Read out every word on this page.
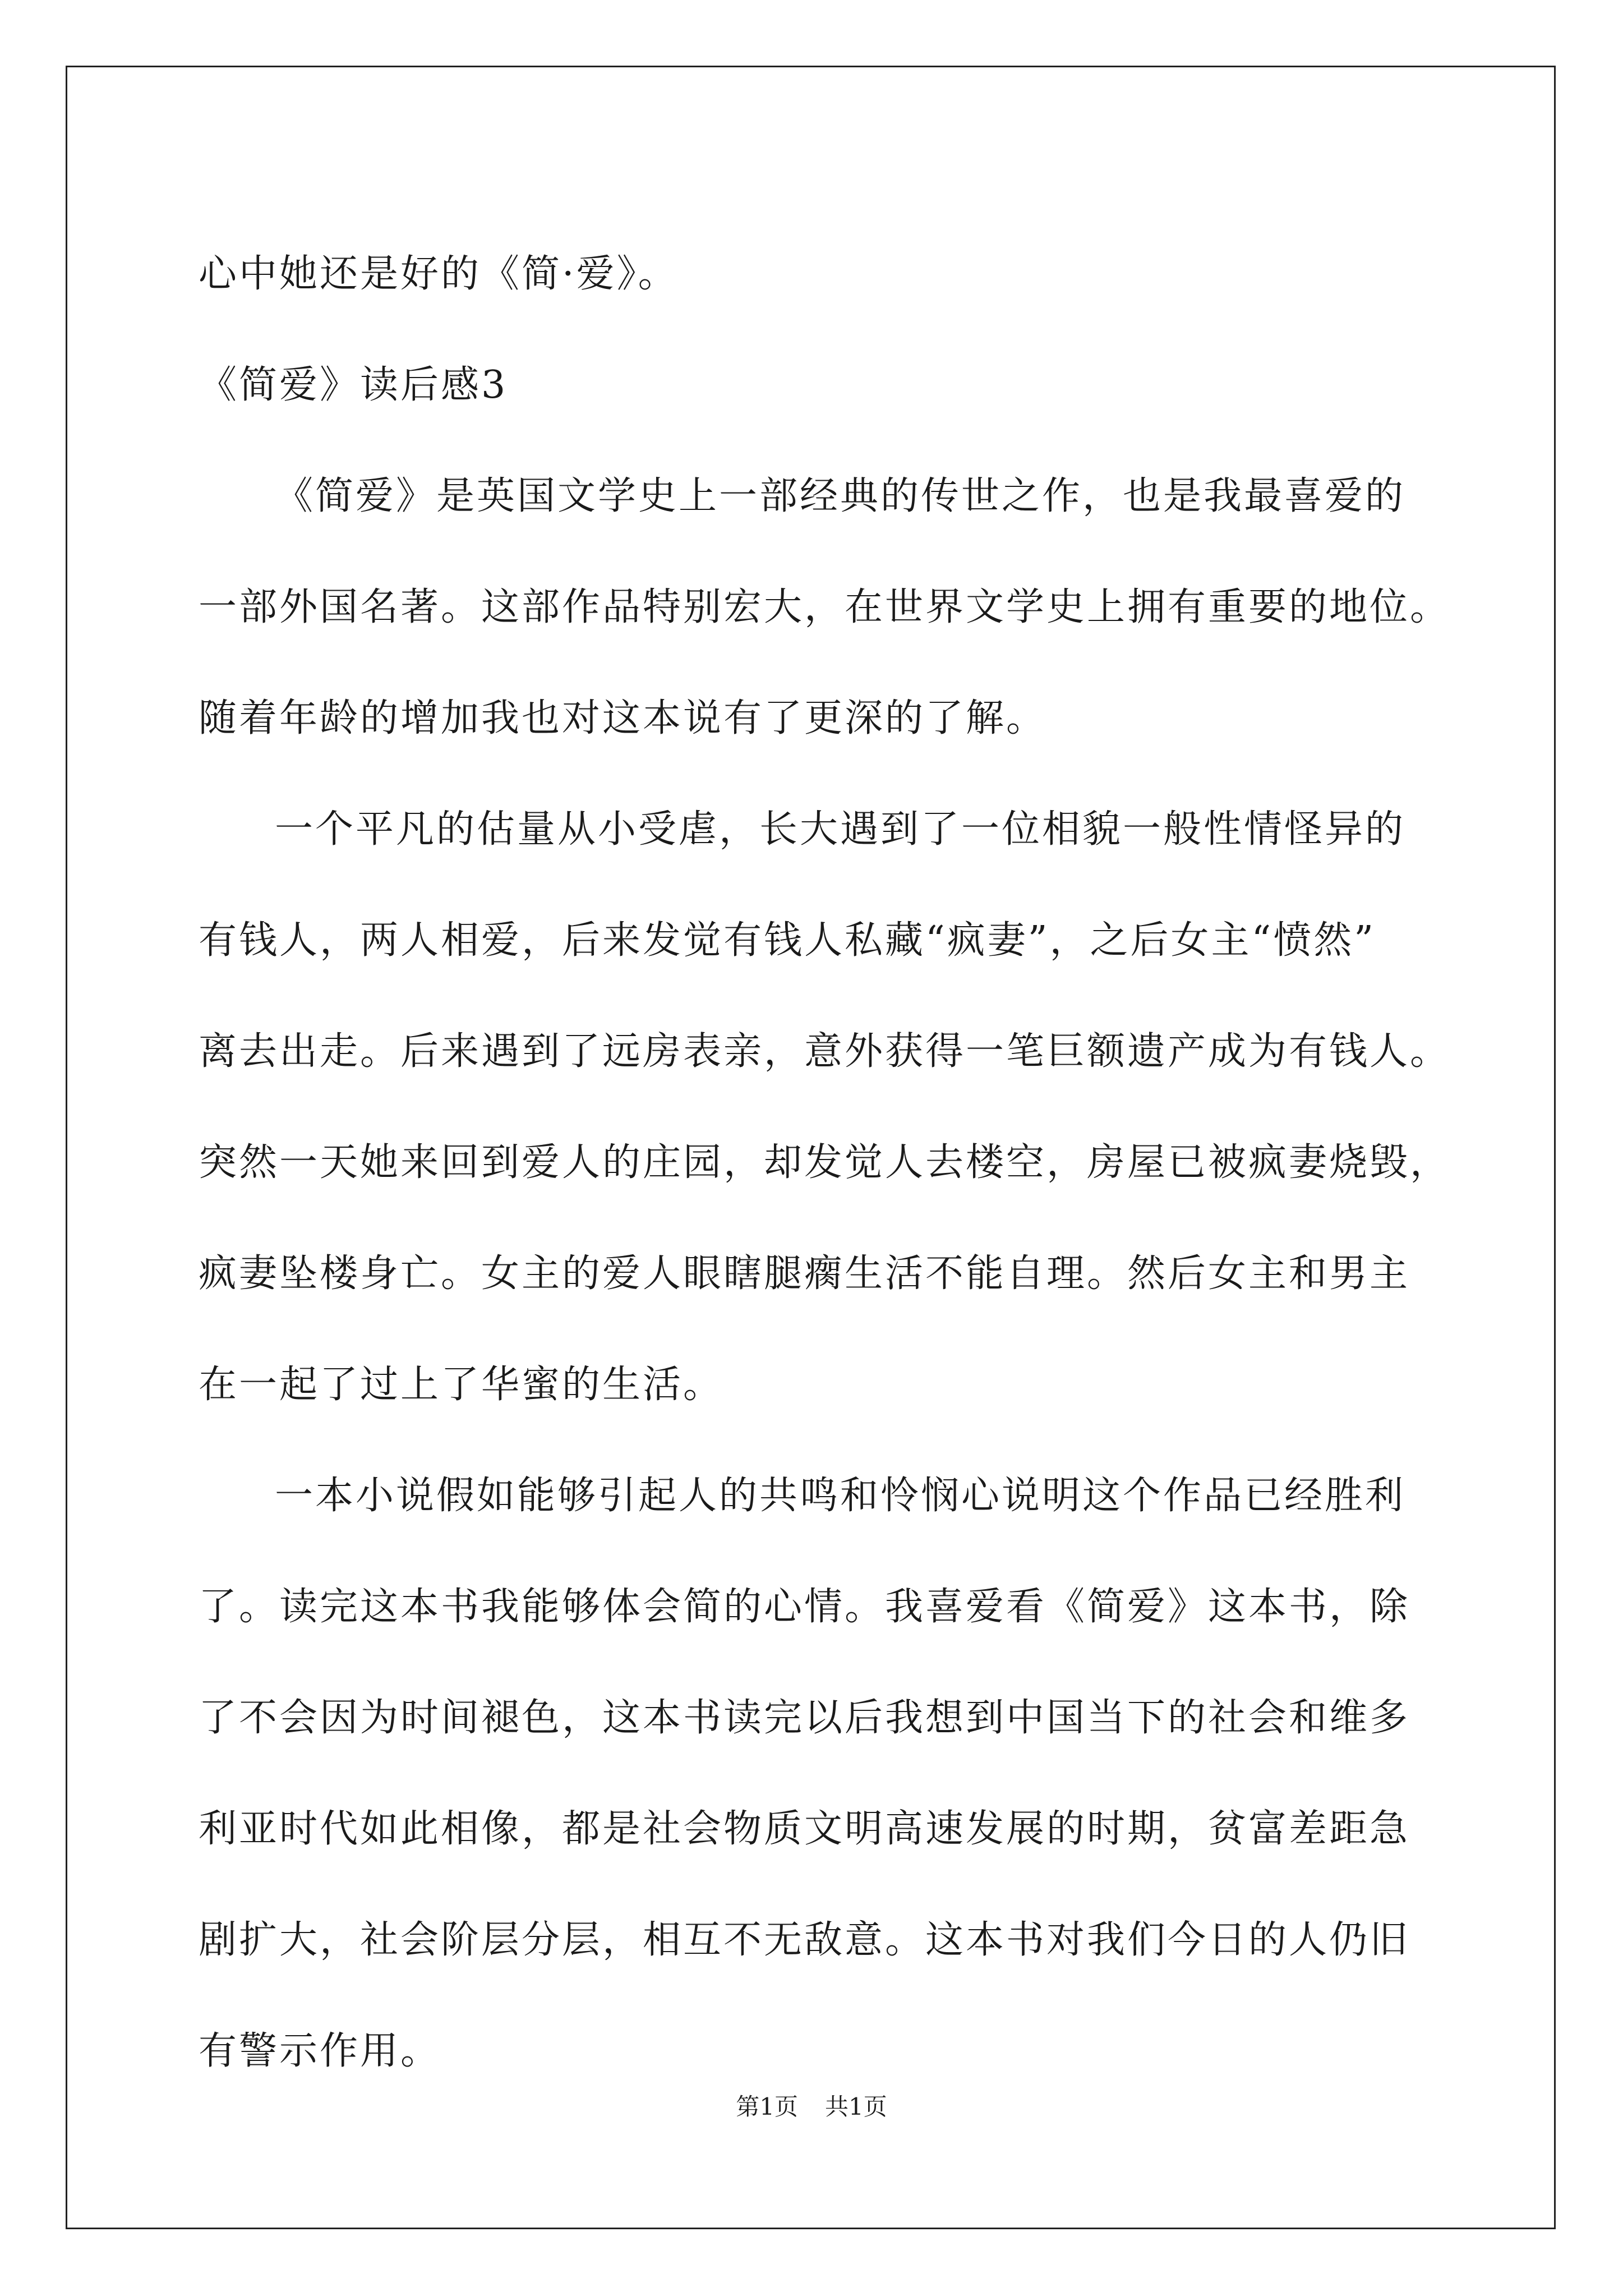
心中她还是好的《简·爱》。
《简爱》读后感3
《简爱》是英国文学史上一部经典的传世之作，也是我最喜爱的
一部外国名著。这部作品特别宏大，在世界文学史上拥有重要的地位。
随着年龄的增加我也对这本说有了更深的了解。
一个平凡的估量从小受虐，长大遇到了一位相貌一般性情怪异的
有钱人，两人相爱，后来发觉有钱人私藏“疯妻”，之后女主“愤然”
离去出走。后来遇到了远房表亲，意外获得一笔巨额遗产成为有钱人。
突然一天她来回到爱人的庄园，却发觉人去楼空，房屋已被疯妻烧毁，
疯妻坠楼身亡。女主的爱人眼瞎腿瘸生活不能自理。然后女主和男主
在一起了过上了华蜜的生活。
一本小说假如能够引起人的共鸣和怜悯心说明这个作品已经胜利
了。读完这本书我能够体会简的心情。我喜爱看《简爱》这本书，除
了不会因为时间褪色，这本书读完以后我想到中国当下的社会和维多
利亚时代如此相像，都是社会物质文明高速发展的时期，贫富差距急
剧扩大，社会阶层分层，相互不无敌意。这本书对我们今日的人仍旧
有警示作用。
第1页 共1页
